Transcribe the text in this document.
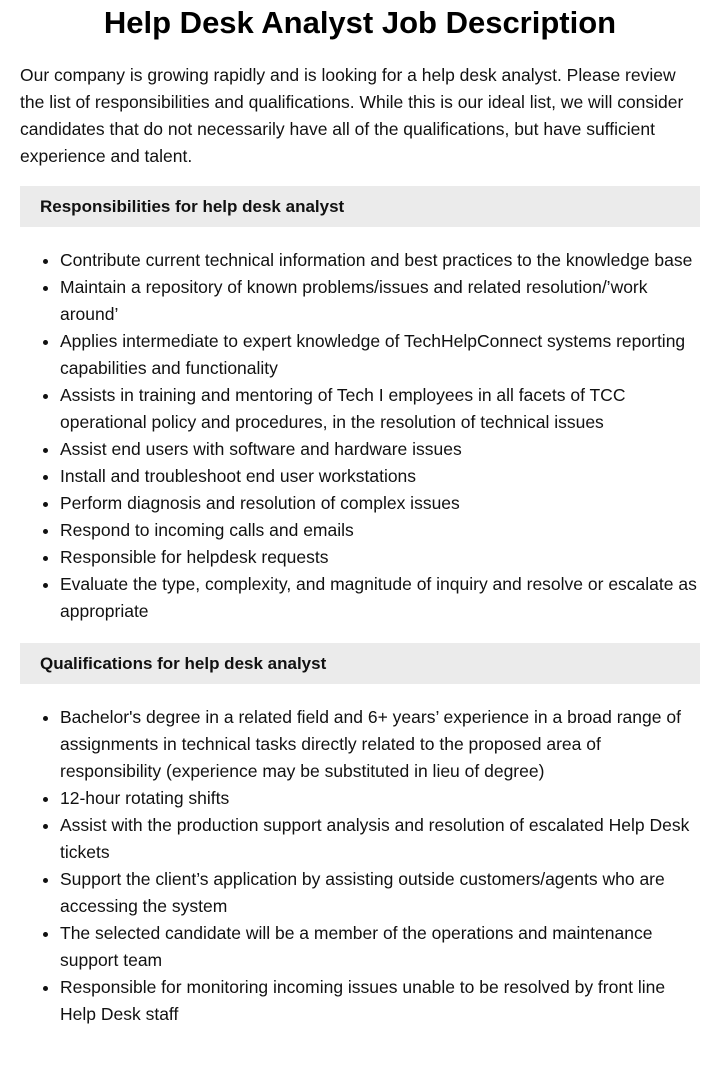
Help Desk Analyst Job Description

Our company is growing rapidly and is looking for a help desk analyst. Please review the list of responsibilities and qualifications. While this is our ideal list, we will consider candidates that do not necessarily have all of the qualifications, but have sufficient experience and talent.

Responsibilities for help desk analyst
• Contribute current technical information and best practices to the knowledge base
• Maintain a repository of known problems/issues and related resolution/’work around’
• Applies intermediate to expert knowledge of TechHelpConnect systems reporting capabilities and functionality
• Assists in training and mentoring of Tech I employees in all facets of TCC operational policy and procedures, in the resolution of technical issues
• Assist end users with software and hardware issues
• Install and troubleshoot end user workstations
• Perform diagnosis and resolution of complex issues
• Respond to incoming calls and emails
• Responsible for helpdesk requests
• Evaluate the type, complexity, and magnitude of inquiry and resolve or escalate as appropriate
Qualifications for help desk analyst
• Bachelor's degree in a related field and 6+ years’ experience in a broad range of assignments in technical tasks directly related to the proposed area of responsibility (experience may be substituted in lieu of degree)
• 12-hour rotating shifts
• Assist with the production support analysis and resolution of escalated Help Desk tickets
• Support the client’s application by assisting outside customers/agents who are accessing the system
• The selected candidate will be a member of the operations and maintenance support team
• Responsible for monitoring incoming issues unable to be resolved by front line Help Desk staff
